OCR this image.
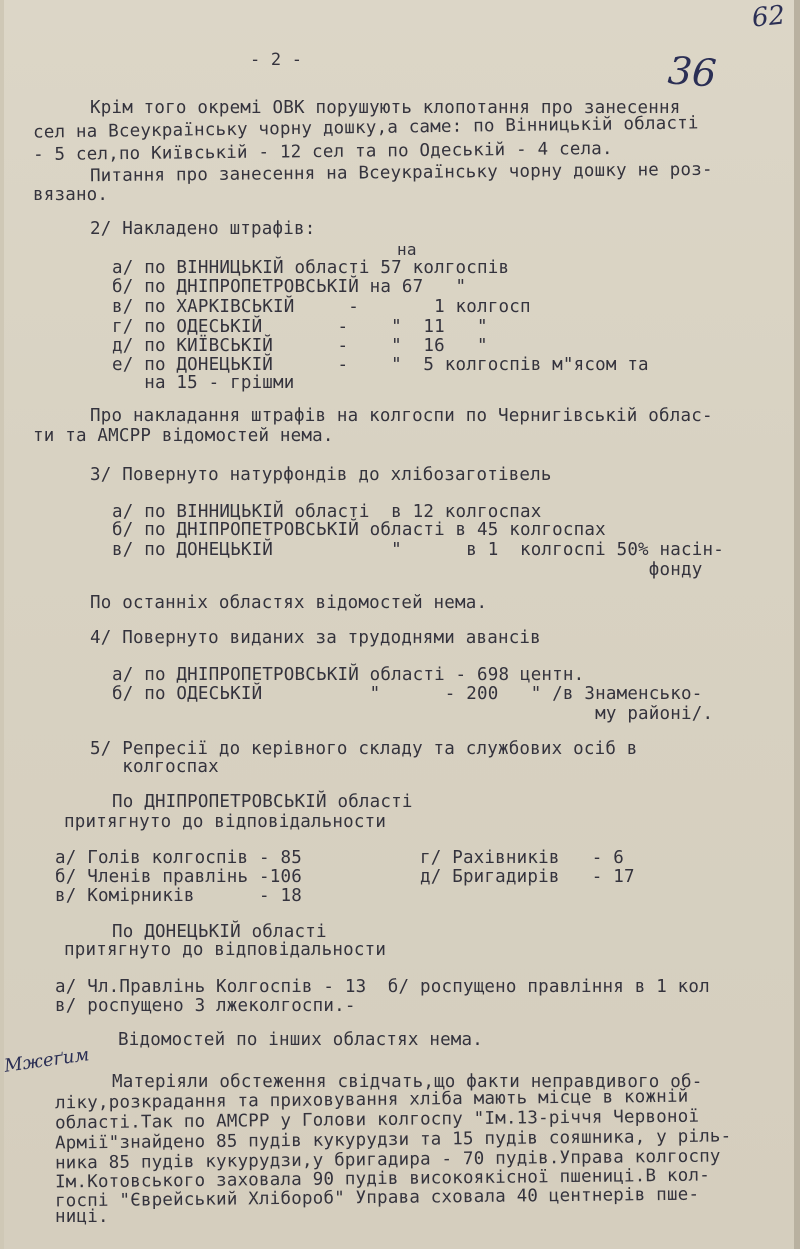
- 2 -	36
62
Крім того окремі ОВК порушують клопотання про занесення
сел на Всеукраїнську чорну дошку,а саме: по Вінницькій області
- 5 сел,по Київській - 12 сел та по Одеській - 4 села.
Питання про занесення на Всеукраїнську чорну дошку не роз-
вязано.
2/ Накладено штрафів:
на
а/ по ВІННИЦЬКІЙ області 57 колгоспів
б/ по ДНІПРОПЕТРОВСЬКІЙ на 67   "
в/ по ХАРКІВСЬКІЙ     -       1 колгосп
г/ по ОДЕСЬКІЙ       -    "  11   "
д/ по КИЇВСЬКІЙ      -    "  16   "
е/ по ДОНЕЦЬКІЙ      -    "  5 колгоспів м"ясом та
на 15 - грішми
Про накладання штрафів на колгоспи по Чернигівській облас-
ти та АМСРР відомостей нема.
3/ Повернуто натурфондів до хлібозаготівель
а/ по ВІННИЦЬКІЙ області  в 12 колгоспах
б/ по ДНІПРОПЕТРОВСЬКІЙ області в 45 колгоспах
в/ по ДОНЕЦЬКІЙ           "      в 1  колгоспі 50% насін-
фонду
По останніх областях відомостей нема.
4/ Повернуто виданих за трудоднями авансів
а/ по ДНІПРОПЕТРОВСЬКІЙ області - 698 центн.
б/ по ОДЕСЬКІЙ          "      - 200   " /в Знаменсько-
му районі/.
5/ Репресії до керівного складу та службових осіб в
колгоспах
По ДНІПРОПЕТРОВСЬКІЙ області
притягнуто до відповідальности
а/ Голів колгоспів - 85
б/ Членів правлінь -106
в/ Комірників      - 18
г/ Рахівників   - 6
д/ Бригадирів   - 17
По ДОНЕЦЬКІЙ області
притягнуто до відповідальности
а/ Чл.Правлінь Колгоспів - 13  б/ роспущено правління в 1 кол
в/ роспущено 3 лжеколгоспи.-
Відомостей по інших областях нема.
Мжеґим
Матеріяли обстеження свідчать,що факти неправдивого об-
ліку,розкрадання та приховування хліба мають місце в кожній
області.Так по АМСРР у Голови колгоспу "Ім.13-річчя Червоної
Армії"знайдено 85 пудів кукурудзи та 15 пудів сояшника, у ріль-
ника 85 пудів кукурудзи,у бригадира - 70 пудів.Управа колгоспу
Ім.Котовського заховала 90 пудів високоякісної пшениці.В кол-
госпі "Єврейський Хлібороб" Управа сховала 40 центнерів пше-
ниці.
